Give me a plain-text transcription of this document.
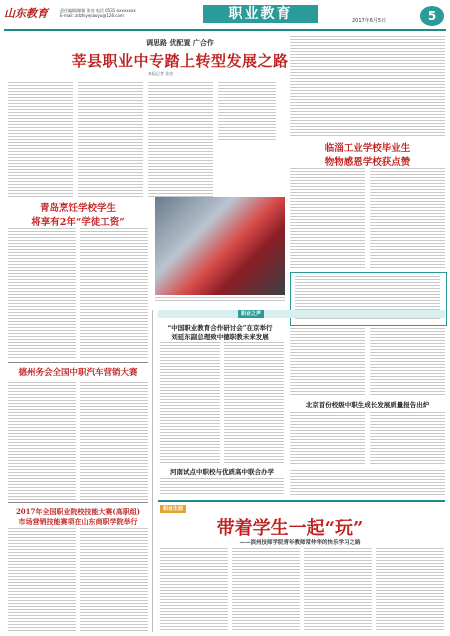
山东教育	责任编辑/邮箱 张亮 电话 0531-xxxxxxxx
E-mail: zdzhiyejiaoyu@126.com	职业教育	2017年6月5日	5
调思路 优配置 广合作
莘县职业中专踏上转型发展之路
本报记者 张亮
临淄工业学校毕业生
物物感恩学校获点赞
青岛烹饪学校学生
将享有2年“学徒工资”
德州务会全国中职汽车营销大赛
2017年全国职业院校技能大赛(高职组)
市场营销技能赛项在山东商职学院举行
职业之声
“中国职业教育合作研讨会”在京举行
刘延东副总理致中德职教未来发展
北京首份校级中职生成长发展质量报告出炉
河南试点中职校与优质高中联合办学
职业生涯
带着学生一起“玩”
——滨州技师学院青年教师常仲华的快乐学习之路
